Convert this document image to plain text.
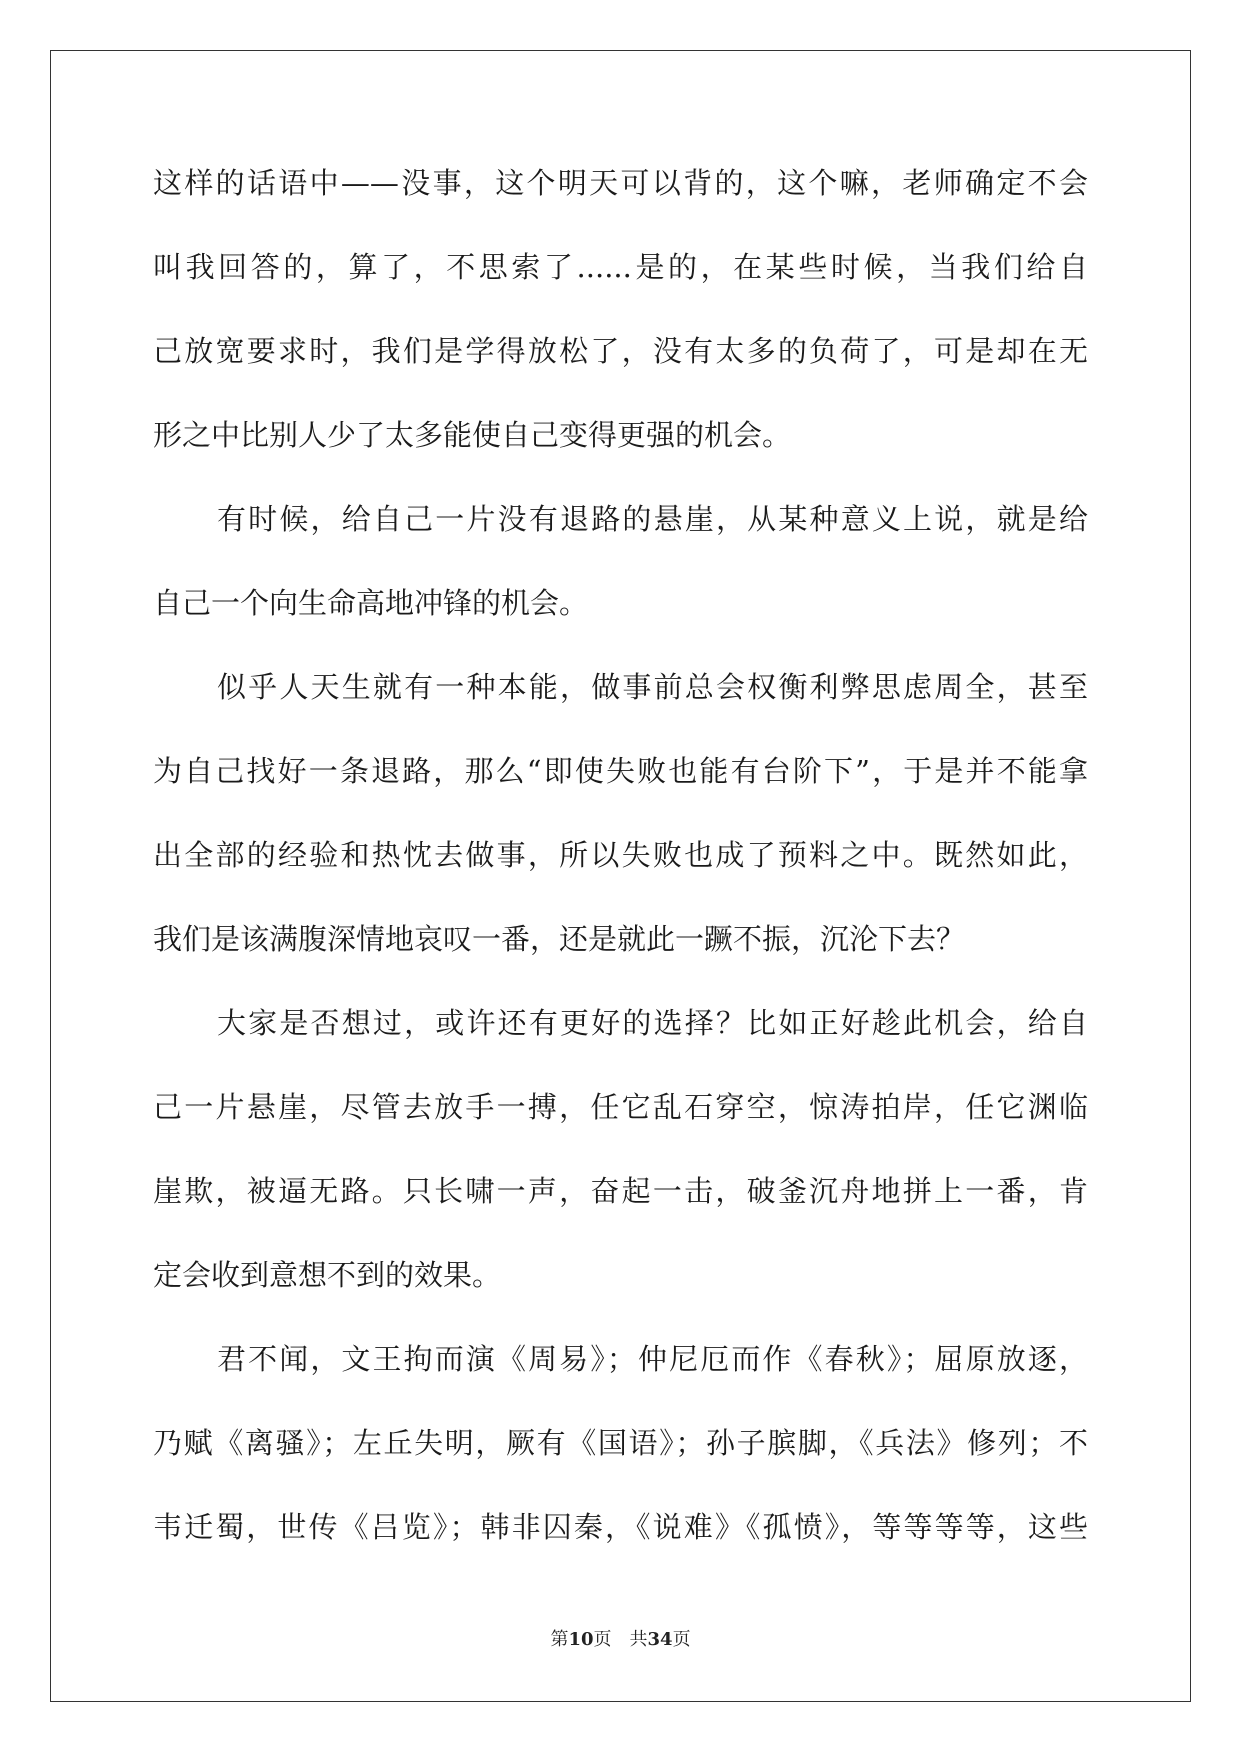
这样的话语中——没事，这个明天可以背的，这个嘛，老师确定不会
叫我回答的，算了，不思索了......是的，在某些时候，当我们给自
己放宽要求时，我们是学得放松了，没有太多的负荷了，可是却在无
形之中比别人少了太多能使自己变得更强的机会。
有时候，给自己一片没有退路的悬崖，从某种意义上说，就是给
自己一个向生命高地冲锋的机会。
似乎人天生就有一种本能，做事前总会权衡利弊思虑周全，甚至
为自己找好一条退路，那么“即使失败也能有台阶下”，于是并不能拿
出全部的经验和热忱去做事，所以失败也成了预料之中。既然如此，
我们是该满腹深情地哀叹一番，还是就此一蹶不振，沉沦下去？
大家是否想过，或许还有更好的选择？比如正好趁此机会，给自
己一片悬崖，尽管去放手一搏，任它乱石穿空，惊涛拍岸，任它渊临
崖欺，被逼无路。只长啸一声，奋起一击，破釜沉舟地拼上一番，肯
定会收到意想不到的效果。
君不闻，文王拘而演《周易》；仲尼厄而作《春秋》；屈原放逐，
乃赋《离骚》；左丘失明，厥有《国语》；孙子膑脚，《兵法》修列；不
韦迁蜀，世传《吕览》；韩非囚秦，《说难》《孤愤》，等等等等，这些
第10页 共34页
